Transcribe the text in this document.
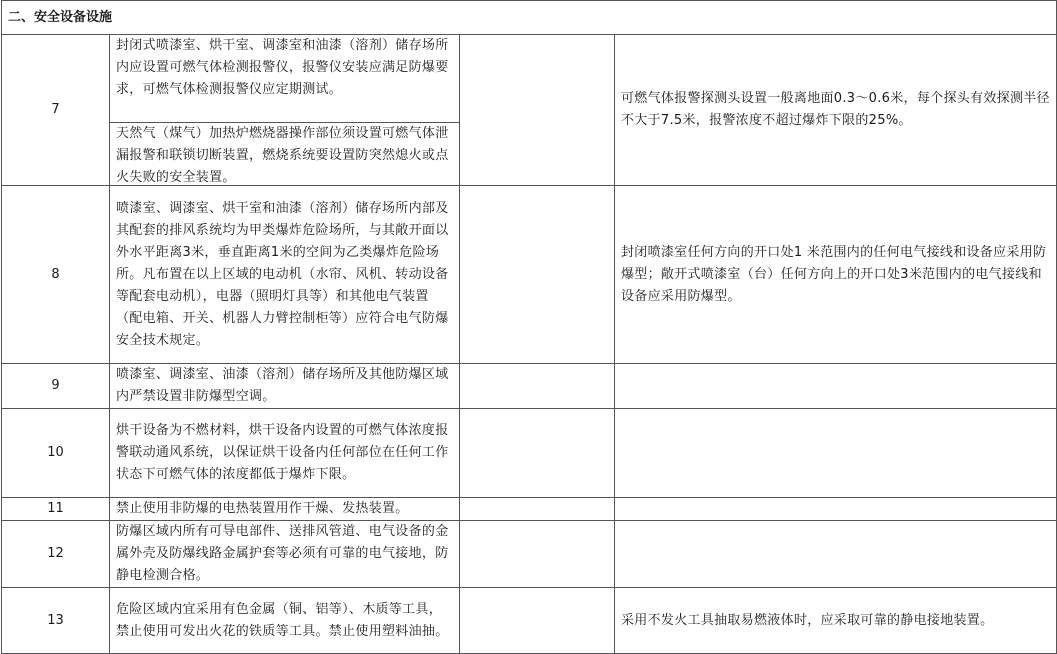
二、安全设备设施			
7	封闭式喷漆室、烘干室、调漆室和油漆（溶剂）储存场所内应设置可燃气体检测报警仪，报警仪安装应满足防爆要求，可燃气体检测报警仪应定期测试。
天然气（煤气）加热炉燃烧器操作部位须设置可燃气体泄漏报警和联锁切断装置，燃烧系统要设置防突然熄火或点火失败的安全装置。		可燃气体报警探测头设置一般离地面0.3～0.6米，每个探头有效探测半径不大于7.5米，报警浓度不超过爆炸下限的25%。
8	喷漆室、调漆室、烘干室和油漆（溶剂）储存场所内部及其配套的排风系统均为甲类爆炸危险场所，与其敞开面以外水平距离3米，垂直距离1米的空间为乙类爆炸危险场所。凡布置在以上区域的电动机（水帘、风机、转动设备等配套电动机），电器（照明灯具等）和其他电气装置（配电箱、开关、机器人力臂控制柜等）应符合电气防爆安全技术规定。		封闭喷漆室任何方向的开口处1 米范围内的任何电气接线和设备应采用防爆型；敞开式喷漆室（台）任何方向上的开口处3米范围内的电气接线和设备应采用防爆型。
9	喷漆室、调漆室、油漆（溶剂）储存场所及其他防爆区域内严禁设置非防爆型空调。		

10	烘干设备为不燃材料，烘干设备内设置的可燃气体浓度报警联动通风系统，以保证烘干设备内任何部位在任何工作状态下可燃气体的浓度都低于爆炸下限。		

11	禁止使用非防爆的电热装置用作干燥、发热装置。		

12	防爆区域内所有可导电部件、送排风管道、电气设备的金属外壳及防爆线路金属护套等必须有可靠的电气接地，防静电检测合格。		

13	危险区域内宜采用有色金属（铜、铝等）、木质等工具，禁止使用可发出火花的铁质等工具。禁止使用塑料油抽。		采用不发火工具抽取易燃液体时，应采取可靠的静电接地装置。
